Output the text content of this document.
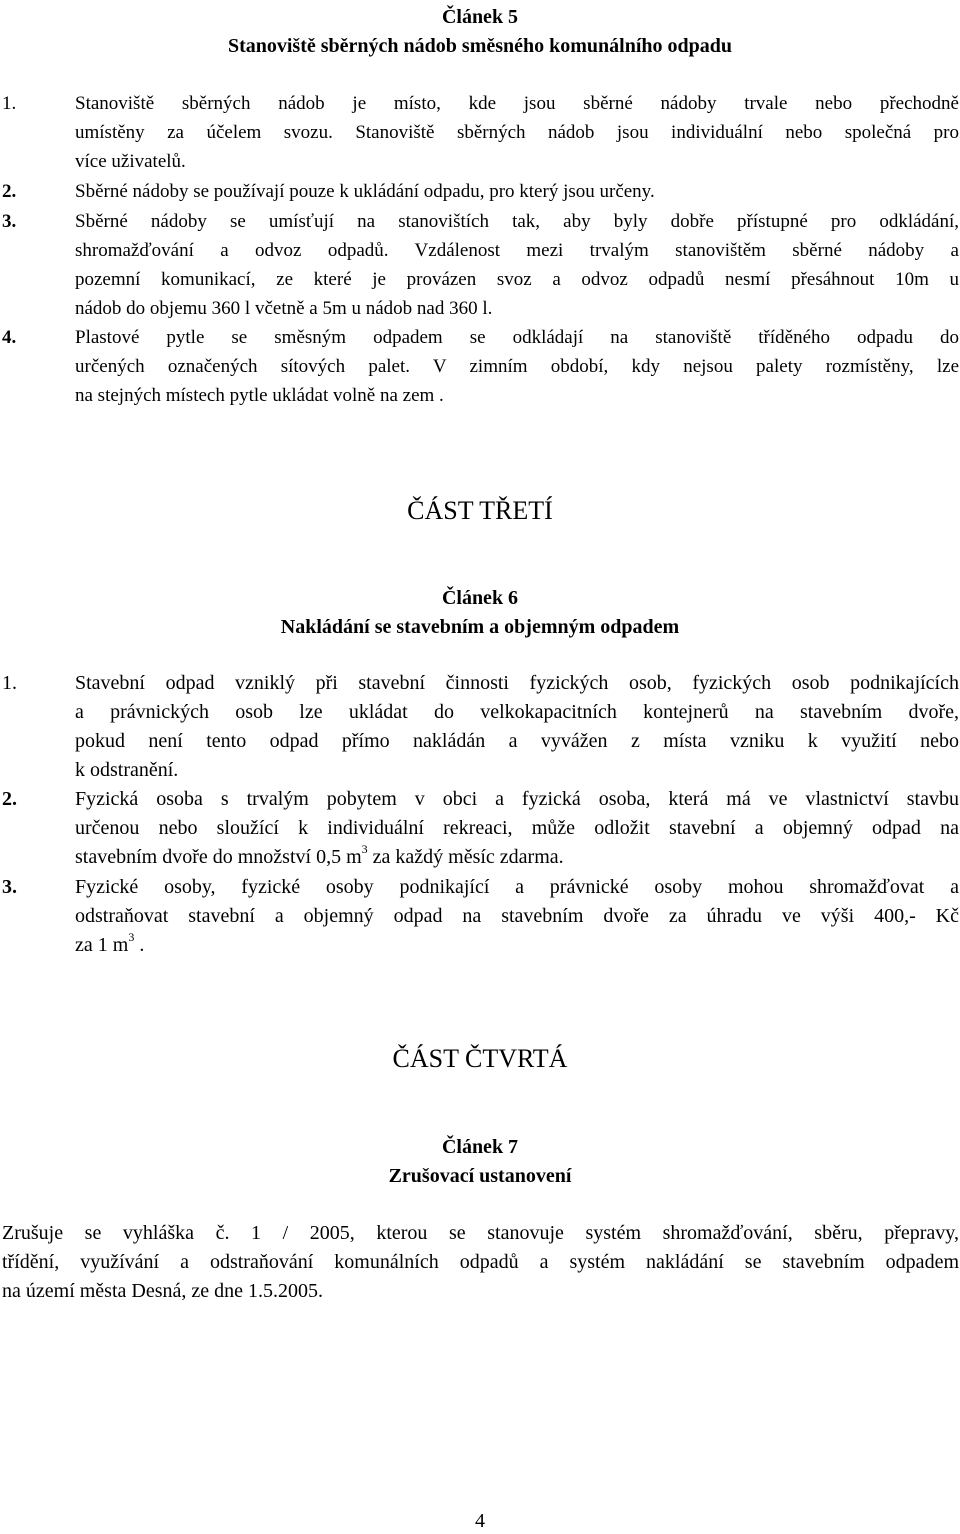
Článek 5
Stanoviště sběrných nádob směsného komunálního odpadu
1.	Stanoviště sběrných nádob je místo, kde jsou sběrné nádoby trvale nebo přechodně
umístěny za účelem svozu. Stanoviště sběrných nádob jsou individuální nebo společná pro
více uživatelů.
2.	Sběrné nádoby se používají pouze k ukládání odpadu, pro který jsou určeny.
3.	Sběrné nádoby se umísťují na stanovištích tak, aby byly dobře přístupné pro odkládání,
shromažďování a odvoz odpadů. Vzdálenost mezi trvalým stanovištěm sběrné nádoby a
pozemní komunikací, ze které je provázen svoz a odvoz odpadů nesmí přesáhnout 10m u
nádob do objemu 360 l včetně a 5m u nádob nad 360 l.
4.	Plastové pytle se směsným odpadem se odkládají na stanoviště tříděného odpadu do
určených označených sítových palet. V zimním období, kdy nejsou palety rozmístěny, lze
na stejných místech pytle ukládat volně na zem .
ČÁST TŘETÍ
Článek 6
Nakládání se stavebním a objemným odpadem
1.	Stavební odpad vzniklý při stavební činnosti fyzických osob, fyzických osob podnikajících
a právnických osob lze ukládat do velkokapacitních kontejnerů na stavebním dvoře,
pokud není tento odpad přímo nakládán a vyvážen z místa vzniku k využití nebo
k odstranění.
2.	Fyzická osoba s trvalým pobytem v obci a fyzická osoba, která má ve vlastnictví stavbu
určenou nebo sloužící k individuální rekreaci, může odložit stavební a objemný odpad na
stavebním dvoře do množství 0,5 $m^3$ za každý měsíc zdarma.
3.	Fyzické osoby, fyzické osoby podnikající a právnické osoby mohou shromažďovat a
odstraňovat stavební a objemný odpad na stavebním dvoře za úhradu ve výši 400,- Kč
za 1 $m^3$ .
ČÁST ČTVRTÁ
Článek 7
Zrušovací ustanovení
Zrušuje se vyhláška č. 1 / 2005, kterou se stanovuje systém shromažďování, sběru, přepravy,
třídění, využívání a odstraňování komunálních odpadů a systém nakládání se stavebním odpadem
na území města Desná, ze dne 1.5.2005.
4
